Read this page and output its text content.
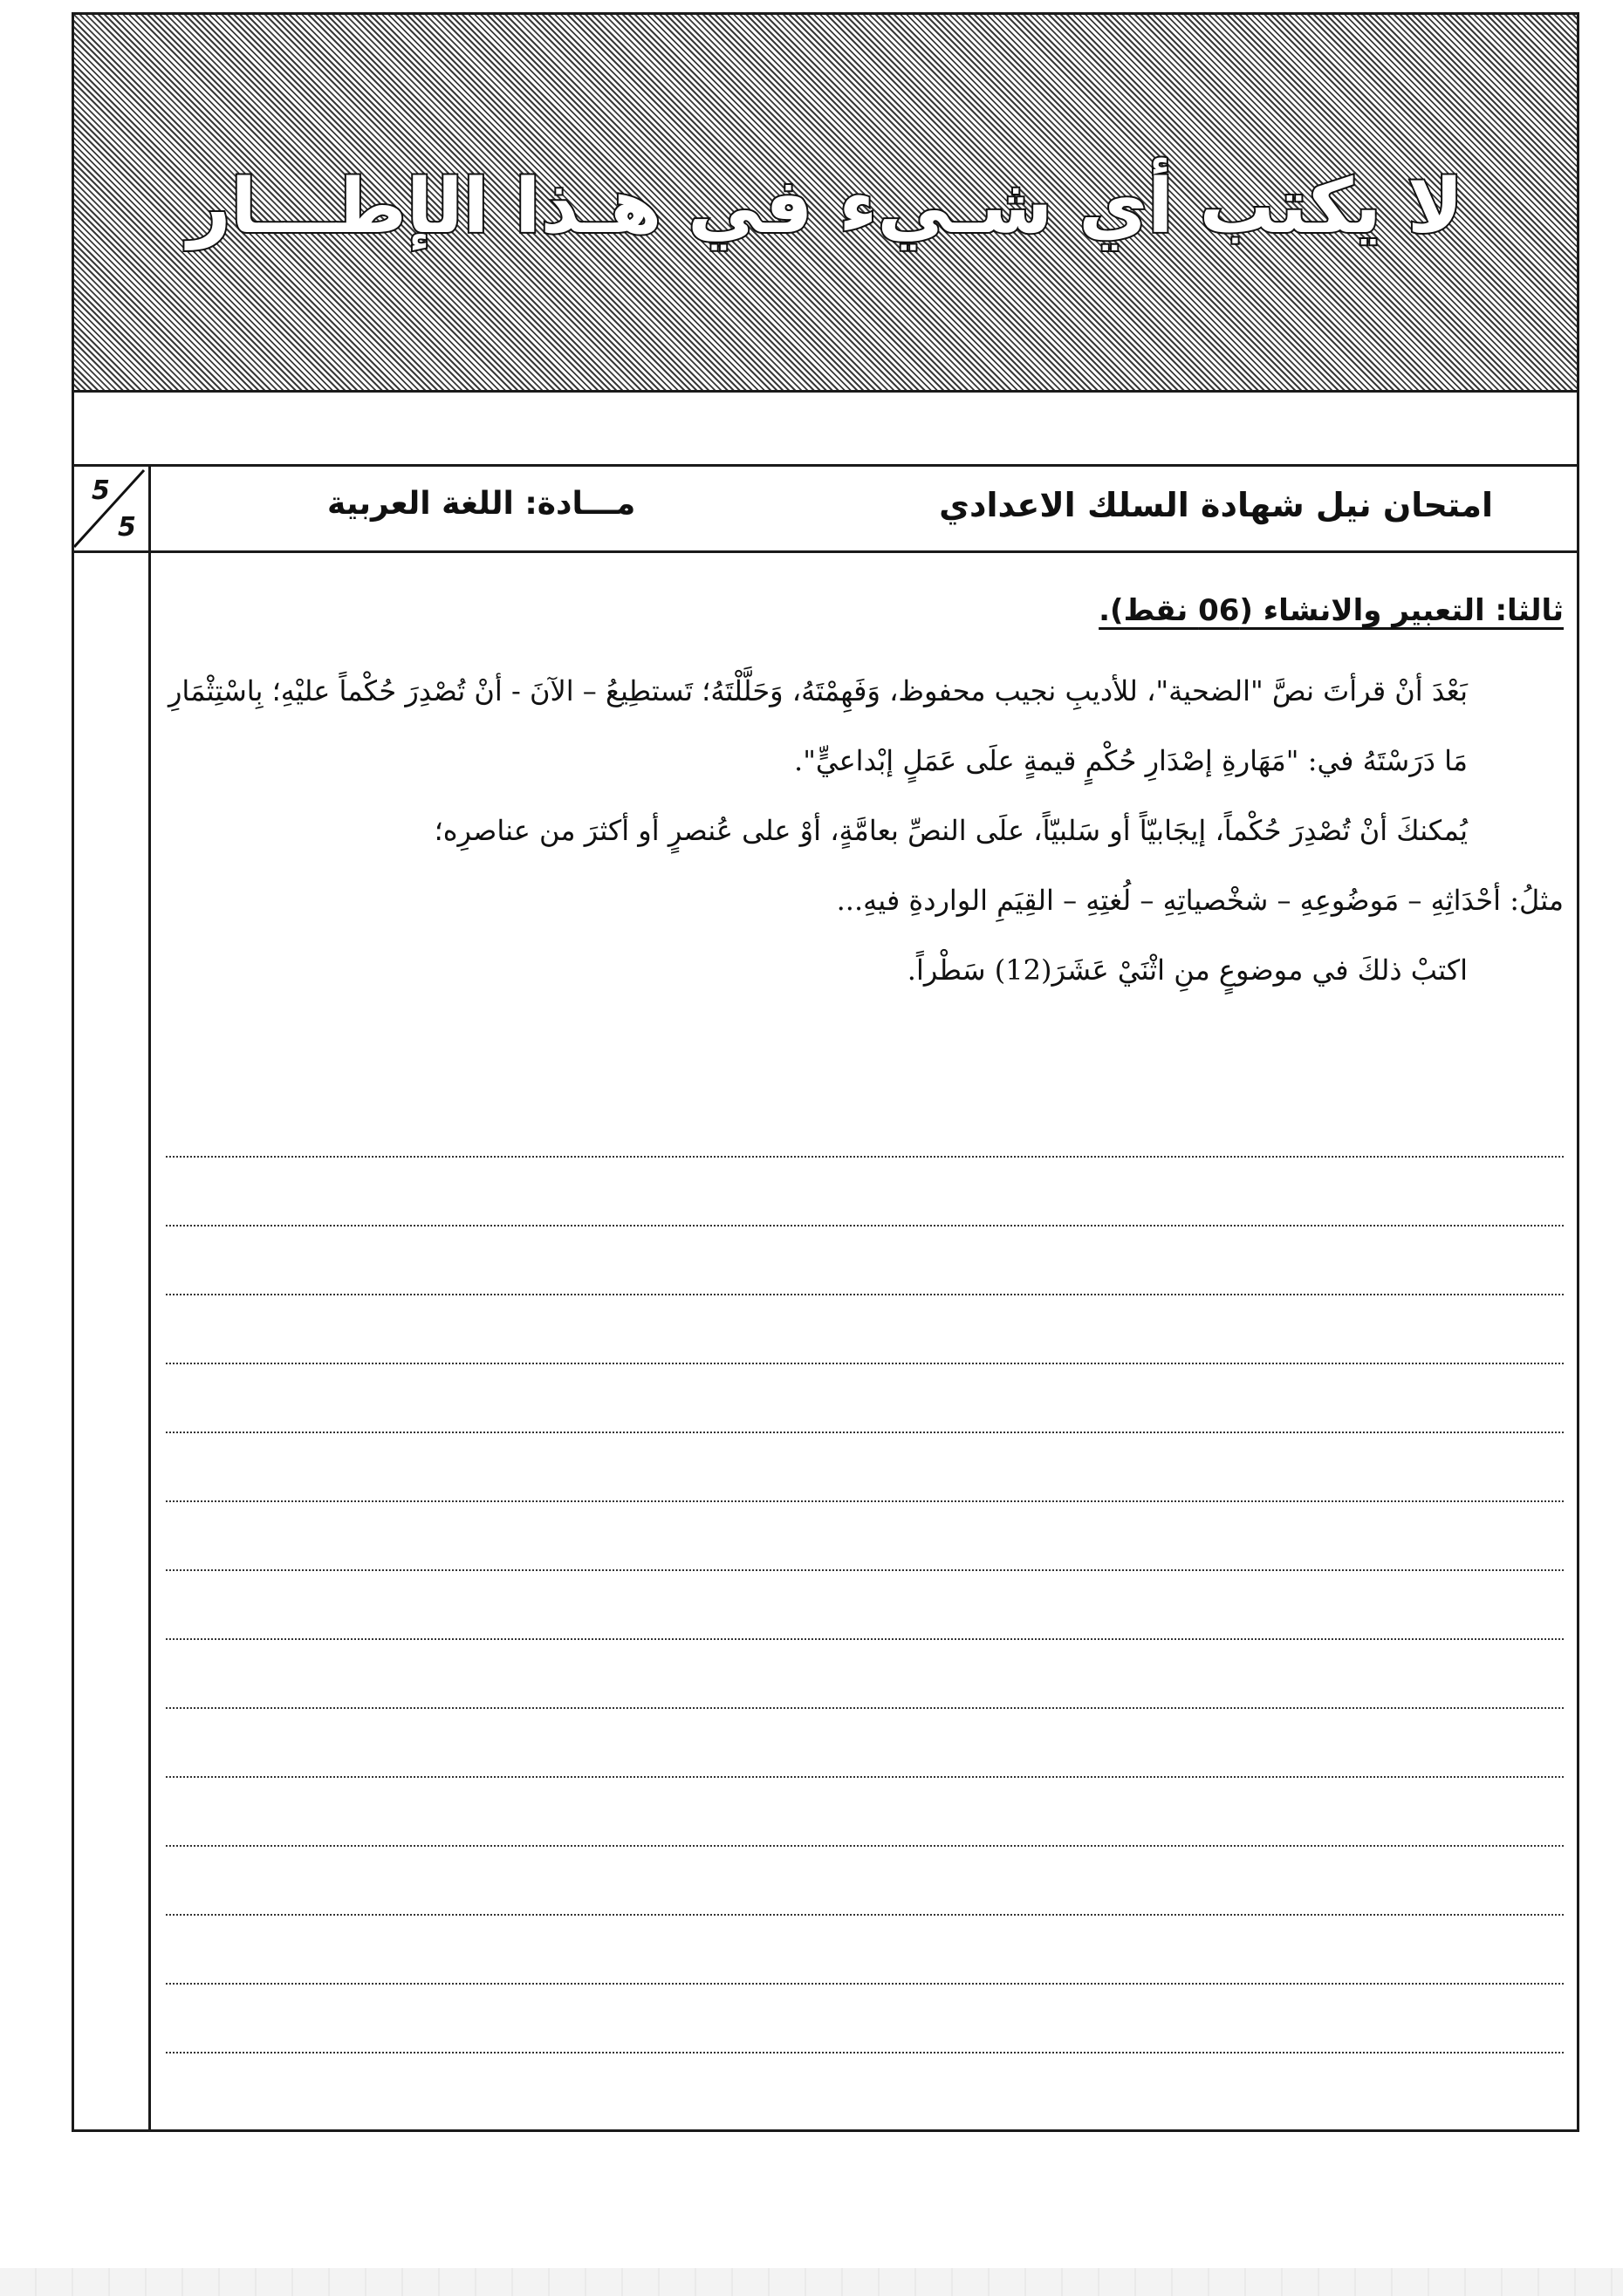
لا يكتب أي شـيء في هـذا الإطـــار
امتحان نيل شهادة السلك الاعدادي
مـــادة: اللغة العربية
5
5

ثالثا: التعبير والانشاء (06 نقط).

بَعْدَ أنْ قرأتَ نصَّ "الضحية"، للأديبِ نجيب محفوظ، وَفَهِمْتَهُ، وَحَلَّلْتَهُ؛ تَستطِيعُ – الآنَ - أنْ تُصْدِرَ حُكْماً عليْهِ؛ بِاسْتِثْمَارِ مَا دَرَسْتَهُ في: "مَهَارةِ إصْدَارِ حُكْمٍ قيمةٍ علَى عَمَلٍ إبْداعيٍّ".

يُمكنكَ أنْ تُصْدِرَ حُكْماً، إيجَابيّاً أو سَلبيّاً، علَى النصِّ بعامَّةٍ، أوْ على عُنصرٍ أو أكثرَ من عناصرِه؛

مثلُ: أحْدَاثِهِ – مَوضُوعِهِ – شخْصياتِهِ – لُغتِهِ – القِيَمِ الواردةِ فيهِ...

اكتبْ ذلكَ في موضوعٍ منِ اثْنَيْ عَشَرَ(12) سَطْراً.
